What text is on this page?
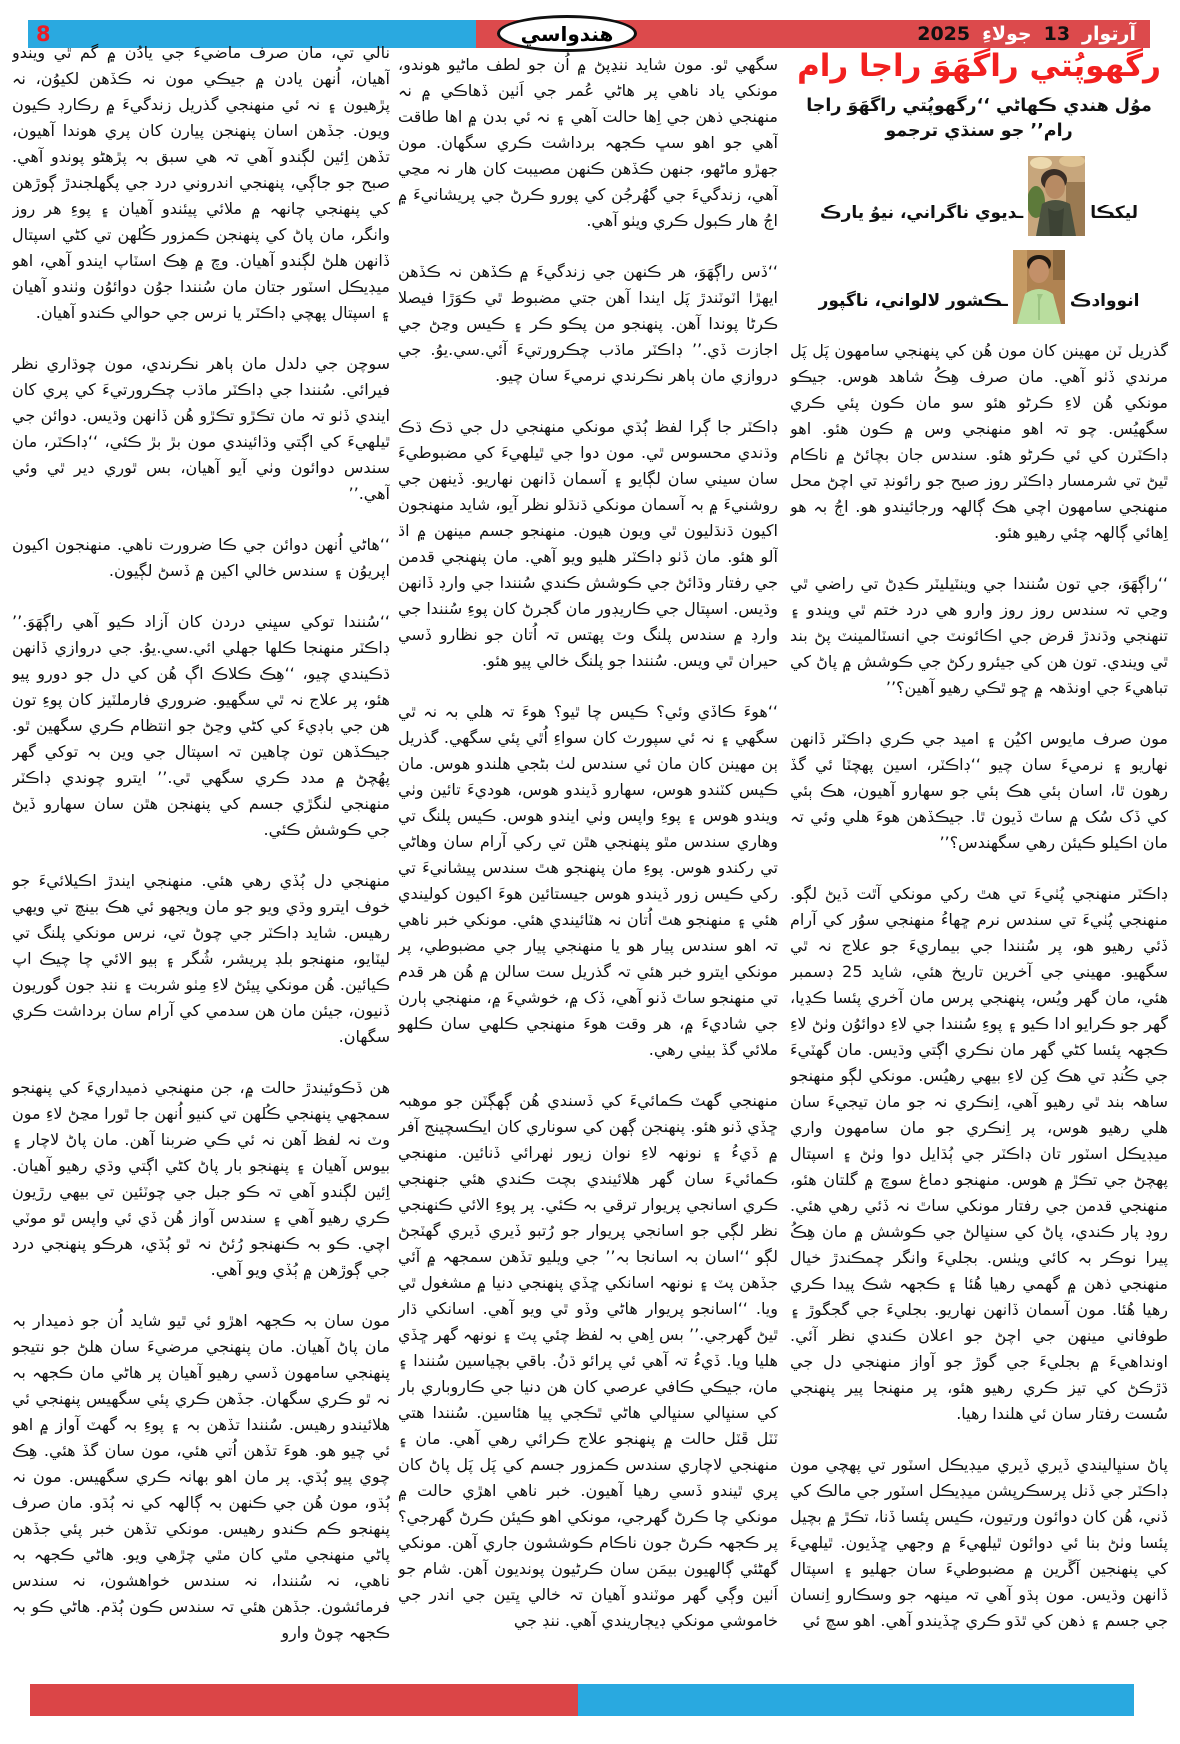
8	هندواسي	آرتوار
13
جولاءِ
2025
رگهوپُتي راگهَوَ راجا رام
موُل هندي ڪهاڻي ‘‘رگهوپُتي راگهَوَ راجا رام’’ جو سنڌي ترجمو
ليکڪا
ـديوي ناگراني، نيوُ يارڪ
انووادڪ
ـڪشور لالواني، ناگپور

گذريل ٽن مهينن کان مون هُن کي پنهنجي سامهون پَل پَل مرندي ڏٺو آهي. مان صرف هِڪُ شاهد هوس. جيڪو مونکي هُن لاءِ ڪرڻو هئو سو مان ڪون پئي ڪري سگهيُس. چو تہ اهو منهنجي وس ۾ ڪون هئو. اهو ڊاڪٽرن کي ئي ڪرڻو هئو. سندس جان بچائڻ ۾ ناڪام ٿيڻ تي شرمسار ڊاڪٽر روز صبح جو رائونڊ تي اچڻ محل منهنجي سامهون اچي هڪ ڳالهہ ورجائيندو هو. اڄُ بہ هو اِهائي ڳالهہ چئي رهيو هئو.

‘‘راڳهَوَ، جي تون سُنندا جي وينٽيليٽر ڪڍڻ تي راضي ٿي وڃي تہ سندس روز روز وارو هي درد ختم ٿي ويندو ۽ تنهنجي وڌندڙ قرض جي اڪائونٽ جي انسٽالمينٽ پڻ بند ٿي ويندي. تون هن کي جيئرو رکڻ جي ڪوشش ۾ پاڻ کي تباهيءَ جي اونڌهہ ۾ ڇو ٿڪي رهيو آهين؟’’

مون صرف مايوس اکيُن ۽ اميد جي ڪري ڊاڪٽر ڏانهن نهاريو ۽ نرميءَ سان چيو ‘‘ڊاڪٽر، اسين پهچٽا ئي گڏ رهون ٿا، اسان ٻئي هڪ ٻئي جو سهارو آهيون، هڪ ٻئي کي ڏک سُک ۾ ساٿ ڏيون ٿا. جيڪڏهن هوءَ هلي وئي تہ مان اڪيلو ڪيئن رهي سگهندس؟’’

ڊاڪٽر منهنجي پُٺيءَ تي هٿ رکي مونکي آٿت ڏيڻ لڳو. منهنجي پُٺيءَ تي سندس نرم ڇهاءُ منهنجي سوُر کي آرام ڏئي رهيو هو، پر سُنندا جي بيماريءَ جو علاج نہ ٿي سگهيو. مهيني جي آخرين تاريخ هئي، شايد 25 ڊسمبر هئي، مان گهر ويُس، پنهنجي پرس مان آخري پئسا ڪڍيا، گهر جو ڪرايو ادا ڪيو ۽ پوءِ سُنندا جي لاءِ دوائوُن وٺڻ لاءِ ڪجهہ پئسا کڻي گهر مان نڪري اڳتي وڌيس. مان گهٽيءَ جي ڪُنڊ تي هڪ کِن لاءِ بيهي رهيُس. مونکي لڳو منهنجو ساهہ بند ٿي رهيو آهي، اِنڪري نہ جو مان تيجيءَ سان هلي رهيو هوس، پر اِنڪري جو مان سامهون واري ميڊيڪل اسٽور تان ڊاڪٽر جي ٻُڌايل دوا وٺڻ ۽ اسپتال پهچڻ جي تڪڙ ۾ هوس. منهنجو دماغ سوچ ۾ گلتان هئو، منهنجي قدمن جي رفتار مونکي ساٿ نہ ڏئي رهي هئي. روڊ پار ڪندي، پاڻ کي سنڀالڻ جي ڪوشش ۾ مان هِڪُ پيرا نوڪر بہ کائي ويٺس. بجليءَ وانگر چمڪندڙ خيال منهنجي ذهن ۾ گهمي رهيا هُئا ۽ ڪجهہ شڪ پيدا ڪري رهيا هُئا. مون آسمان ڏانهن نهاريو. بجليءَ جي گجگوڙ ۽ طوفاني مينهن جي اچڻ جو اعلان ڪندي نظر آئي. اونداهيءَ ۾ بجليءَ جي گوڙ جو آواز منهنجي دل جي ڌڙڪڻ کي تيز ڪري رهيو هئو، پر منهنجا پير پنهنجي سُست رفتار سان ئي هلندا رهيا.

پاڻ سنڀاليندي ڏيري ڏيري ميڊيڪل اسٽور تي پهچي مون ڊاڪٽر جي ڏنل پرسڪرپشن ميڊيڪل اسٽور جي مالڪ کي ڏني، هُن کان دوائون ورتيون، ڪيس پئسا ڏنا، تڪڙ ۾ بچيل پئسا وٺڻ بنا ئي دوائون ٿيلهيءَ ۾ وجهي ڇڏيون. ٿيلهيءَ کي پنهنجين آڱرين ۾ مضبوطيءَ سان جهليو ۽ اسپتال ڏانهن وڌيس. مون ٻڌو آهي تہ مينهہ جو وسڪارو اِنسان جي جسم ۽ ذهن کي ٿڌو ڪري ڇڏيندو آهي. اهو سچ ئي

سگهي ٿو. مون شايد ننڍپڻ ۾ اُن جو لطف ماڻيو هوندو، مونکي ياد ناهي پر هاڻي عُمر جي اَٺين ڏهاڪي ۾ نہ منهنجي ذهن جي اِها حالت آهي ۽ نہ ئي بدن ۾ اها طاقت آهي جو اهو سڀ ڪجهہ برداشت ڪري سگهان. مون جهڙو ماڻهو، جنهن ڪڏهن ڪنهن مصيبت کان هار نہ مڃي آهي، زندگيءَ جي گهُرجُن کي پورو ڪرڻ جي پريشانيءَ ۾ اڄُ هار ڪبول ڪري ويٺو آهي.

‘‘ڏس راڳهَوَ، هر ڪنهن جي زندگيءَ ۾ ڪڏهن نہ ڪڏهن ايهڙا اٽوٽندڙ پَل ايندا آهن جتي مضبوط ٿي ڪوَڙا فيصلا ڪرڻا پوندا آهن. پنهنجو من پڪو ڪر ۽ ڪيس وڃڻ جي اجازت ڏي.’’ ڊاڪٽر ماڌب چڪرورتيءَ آئي.سي.يوُ. جي دروازي مان ٻاهر نڪرندي نرميءَ سان چيو.

ڊاڪٽر جا ڳرا لفظ ٻُڌي مونکي منهنجي دل جي ڌڪ ڌڪ وڌندي محسوس ٿي. مون دوا جي ٿيلهيءَ کي مضبوطيءَ سان سيني سان لڳايو ۽ آسمان ڏانهن نهاريو. ڏينهن جي روشنيءَ ۾ بہ آسمان مونکي ڌنڌلو نظر آيو، شايد منهنجون اکيون ڌنڌليون ٿي ويون هيون. منهنجو جسم مينهن ۾ اڌ آلو هئو. مان ڏٺو ڊاڪٽر هليو ويو آهي. مان پنهنجي قدمن جي رفتار وڌائڻ جي ڪوشش ڪندي سُنندا جي وارڊ ڏانهن وڌيس. اسپتال جي ڪاريڊور مان گجرڻ کان پوءِ سُنندا جي وارڊ ۾ سندس پلنگ وٽ پهتس تہ اُتان جو نظارو ڏسي حيران ٿي ويس. سُنندا جو پلنگ خالي پيو هئو.

‘‘هوءَ ڪاڏي وئي؟ ڪيس چا ٿيو؟ هوءَ تہ هلي بہ نہ ٿي سگهي ۽ نہ ئي سپورٽ کان سواءِ اُٿي پئي سگهي. گذريل ٻن مهينن کان مان ئي سندس لٺ بڻجي هلندو هوس. مان ڪيس کٽندو هوس، سهارو ڏيندو هوس، هوديءَ تائين وٺي ويندو هوس ۽ پوءِ واپس وٺي ايندو هوس. ڪيس پلنگ تي وهاري سندس مٿو پنهنجي هٿن تي رکي آرام سان وهاڻي تي رکندو هوس. پوءِ مان پنهنجو هٿ سندس پيشانيءَ تي رکي ڪيس زور ڏيندو هوس جيستائين هوءَ اکيون کوليندي هئي ۽ منهنجو هٿ اُتان نہ هٽائيندي هئي. مونکي خبر ناهي تہ اهو سندس پيار هو يا منهنجي پيار جي مضبوطي، پر مونکي ايترو خبر هئي تہ گذريل ست سالن ۾ هُن هر قدم تي منهنجو ساٿ ڏنو آهي، ڏک ۾، خوشيءَ ۾، منهنجي ٻارن جي شاديءَ ۾، هر وقت هوءَ منهنجي ڪلهي سان ڪلهو ملائي گڏ بيٺي رهي.

منهنجي گهٽ ڪمائيءَ کي ڏسندي هُن ڳهڳٽن جو موهبہ ڇڏي ڏنو هئو. پنهنجن ڳهن کي سوناري کان ايڪسچينج آفر ۾ ڏيءُ ۽ نونهہ لاءِ نوان زيور ٺهرائي ڏنائين. منهنجي ڪمائيءَ سان گهر هلائيندي بچت ڪندي هئي جنهنجي ڪري اسانجي پريوار ترقي بہ ڪئي. پر پوءِ الائي ڪنهنجي نظر لڳي جو اسانجي پريوار جو رُتبو ڏيري ڏيري گهٽجڻ لڳو ‘‘اسان بہ اسانجا بہ’’ جي ويليو تڏهن سمجهہ ۾ آئي جڏهن پٽ ۽ نونهہ اسانکي ڇڏي پنهنجي دنيا ۾ مشغول ٿي ويا. ‘‘اسانجو پريوار هاڻي وڏو ٿي ويو آهي. اسانکي ڌار ٿيڻ گهرجي.’’ بس اِهي بہ لفظ چئي پٽ ۽ نونهہ گهر ڇڏي هليا ويا. ڏيءُ تہ آهي ئي پرائو ڌنُ. باقي بچياسين سُنندا ۽ مان، جيڪي ڪافي عرصي کان هن دنيا جي ڪاروباري بار کي سنڀالي سنڀالي هاڻي ٿڪجي پيا هئاسين. سُنندا هتي ٽٽل ڦٽل حالت ۾ پنهنجو علاج ڪرائي رهي آهي. مان ۽ منهنجي لاچاري سندس ڪمزور جسم کي پَل پَل پاڻ کان پري ٿيندو ڏسي رهيا آهيون. خبر ناهي اهڙي حالت ۾ مونکي چا ڪرڻ گهرجي، مونکي اهو ڪيئن ڪرڻ گهرجي؟ پر ڪجهہ ڪرڻ جون ناڪام ڪوششون جاري آهن. مونکي گهڻئي ڳالهيون بيمَن سان ڪرڻيون پونديون آهن. شام جو اَٺين وڳي گهر موٽندو آهيان تہ خالي ڀتين جي اندر جي خاموشي مونکي ڊيڄاريندي آهي. ننڊ جي

نالي تي، مان صرف ماضيءَ جي يادُن ۾ گم ٿي ويندو آهيان، اُنهن يادن ۾ جيڪي مون نہ ڪڏهن لکيوُن، نہ پڙهيون ۽ نہ ئي منهنجي گذريل زندگيءَ ۾ رڪارڊ ڪيون ويون. جڏهن اسان پنهنجن پيارن کان پري هوندا آهيون، تڏهن اِئين لڳندو آهي تہ هي سبق بہ پڙهڻو پوندو آهي. صبح جو جاڳي، پنهنجي اندروني درد جي پگهلجندڙ ڳوڙهن کي پنهنجي چانهہ ۾ ملائي پيئندو آهيان ۽ پوءِ هر روز وانگر، مان پاڻ کي پنهنجن ڪمزور ڪُلهن تي کڻي اسپتال ڏانهن هلڻ لڳندو آهيان. وچ ۾ هِڪ اسٽاپ ايندو آهي، اهو ميڊيڪل اسٽور جتان مان سُنندا جوُن دوائوُن وٺندو آهيان ۽ اسپتال پهچي ڊاڪٽر يا نرس جي حوالي ڪندو آهيان.

سوچن جي دلدل مان ٻاهر نڪرندي، مون چوڌاري نظر فيرائي. سُنندا جي ڊاڪٽر ماڌب چڪرورتيءَ کي پري کان ايندي ڏٺو تہ مان تڪڙو تڪڙو هُن ڏانهن وڌيس. دوائن جي ٿيلهيءَ کي اڳتي وڌائيندي مون بڙ بڙ ڪئي، ‘‘ڊاڪٽر، مان سندس دوائون وٺي آيو آهيان، بس ٿوري دير ٿي وئي آهي.’’

‘‘هاڻي اُنهن دوائن جي ڪا ضرورت ناهي. منهنجون اکيون اپريوُن ۽ سندس خالي اکين ۾ ڏسڻ لڳيون.

‘‘سُنندا توکي سڀني دردن کان آزاد ڪيو آهي راڳهَوَ.’’ ڊاڪٽر منهنجا ڪلها جهلي ائي.سي.يوُ. جي دروازي ڏانهن ڌڪيندي چيو، ‘‘هِڪ ڪلاڪ اڳ هُن کي دل جو دورو پيو هئو، پر علاج نہ ٿي سگهيو. ضروري فارملٽيز کان پوءِ تون هن جي باڊيءَ کي کڻي وڃڻ جو انتظام ڪري سگهين ٿو. جيڪڏهن تون چاهين تہ اسپتال جي وين بہ توکي گهر پهُچڻ ۾ مدد ڪري سگهي ٿي.’’ ايترو چوندي ڊاڪٽر منهنجي لنگڙي جسم کي پنهنجن هٿن سان سهارو ڏيڻ جي ڪوشش ڪئي.

منهنجي دل ٻُڏي رهي هئي. منهنجي ايندڙ اڪيلائيءَ جو خوف ايترو وڌي ويو جو مان ويجهو ئي هڪ بينچ تي ويهي رهيس. شايد ڊاڪٽر جي چوڻ تي، نرس مونکي پلنگ تي ليٽايو، منهنجو بلڊ پريشر، شُگر ۽ ٻيو الائي چا چيڪ اپ ڪيائين. هُن مونکي پيئڻ لاءِ مِٺو شربت ۽ ننڊ جون گوريون ڏنيون، جيئن مان هن سدمي کي آرام سان برداشت ڪري سگهان.

هن ڏڪوئيندڙ حالت ۾، جن منهنجي ذميداريءَ کي پنهنجو سمجهي پنهنجي ڪُلهن تي کنيو اُنهن جا ٿورا مڃڻ لاءِ مون وٽ نہ لفظ آهن نہ ئي ڪي ضربنا آهن. مان پاڻ لاچار ۽ بيوس آهيان ۽ پنهنجو بار پاڻ کڻي اڳتي وڌي رهيو آهيان. اِئين لڳندو آهي تہ ڪو جبل جي چوٽئين تي بيهي رڙيون ڪري رهيو آهي ۽ سندس آواز هُن ڏي ئي واپس ٿو موٽي اچي. ڪو بہ ڪنهنجو رُئڻ نہ ٿو ٻُڌي، هرڪو پنهنجي درد جي ڳوڙهن ۾ ٻُڏي ويو آهي.

مون سان بہ ڪجهہ اهڙو ئي ٿيو شايد اُن جو ذميدار بہ مان پاڻ آهيان. مان پنهنجي مرضيءَ سان هلڻ جو نتيجو پنهنجي سامهون ڏسي رهيو آهيان پر هاڻي مان ڪجهہ بہ نہ ٿو ڪري سگهان. جڏهن ڪري پئي سگهيس پنهنجي ئي هلائيندو رهيس. سُنندا تڏهن بہ ۽ پوءِ بہ گهٽ آواز ۾ اهو ئي چيو هو. هوءَ تڏهن اُتي هئي، مون سان گڏ هئي. هِڪ چوي پيو ٻُڌي. پر مان اهو بهانہ ڪري سگهيس. مون نہ ٻُڌو، مون هُن جي ڪنهن بہ ڳالهہ کي نہ ٻُڌو. مان صرف پنهنجو ڪم ڪندو رهيس. مونکي تڏهن خبر پئي جڏهن پاڻي منهنجي مٿي کان مٿي چڙهي ويو. هاڻي ڪجهہ بہ ناهي، نہ سُنندا، نہ سندس خواهشون، نہ سندس فرمائشون. جڏهن هئي تہ سندس ڪون ٻُڌم. هاڻي ڪو بہ ڪجهہ چوڻ وارو
